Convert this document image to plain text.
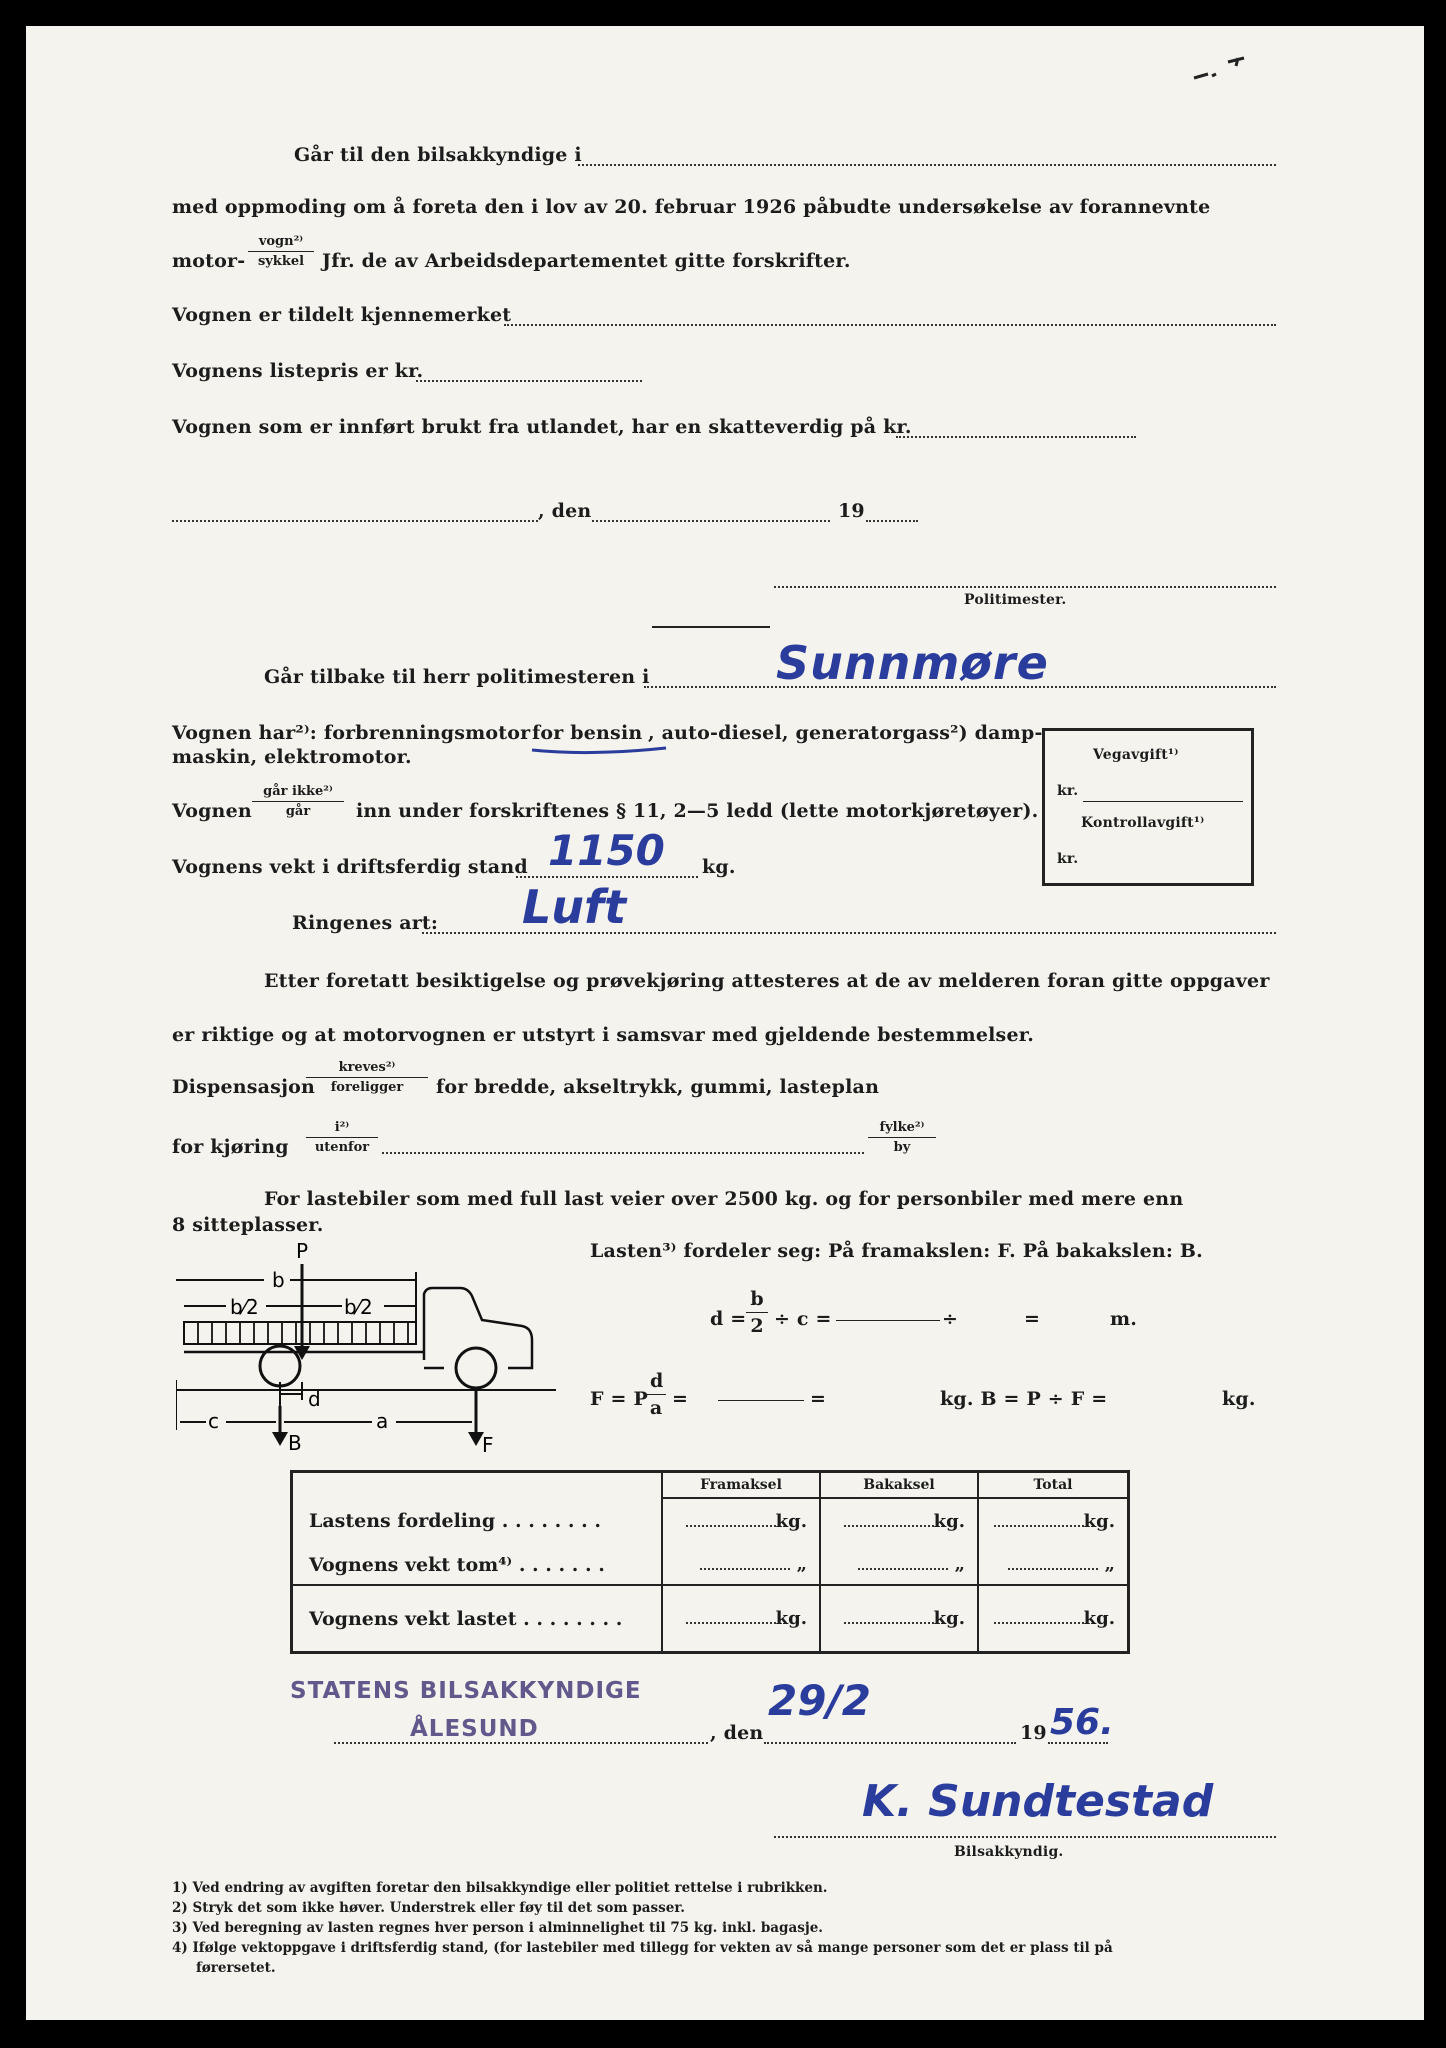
Går til den bilsakkyndige i
med oppmoding om å foreta den i lov av 20. februar 1926 påbudte undersøkelse av forannevnte
motor-
vogn²⁾
sykkel Jfr. de av Arbeidsdepartementet gitte forskrifter.
Vognen er tildelt kjennemerket
Vognens listepris er kr.
Vognen som er innført brukt fra utlandet, har en skatteverdig på kr.
, den	19
Politimester.
Går tilbake til herr politimesteren i	Sunnmøre
Vognen har²⁾: forbrenningsmotor for bensin , auto-diesel, generatorgass²) damp-
maskin, elektromotor.	Vegavgift¹⁾
kr.
Kontrollavgift¹⁾
kr.
Vognen
går ikke²⁾
går	inn under forskriftenes § 11, 2—5 ledd (lette motorkjøretøyer).
Vognens vekt i driftsferdig stand	kg.
1150
Ringenes art: Luft
Etter foretatt besiktigelse og prøvekjøring attesteres at de av melderen foran gitte oppgaver
er riktige og at motorvognen er utstyrt i samsvar med gjeldende bestemmelser.
Dispensasjon
kreves²⁾
foreligger	for bredde, akseltrykk, gummi, lasteplan
for kjøring
i²⁾
utenfor
fylke²⁾
by
For lastebiler som med full last veier over 2500 kg. og for personbiler med mere enn
8 sitteplasser.
P
b
b⁄2	b⁄2
d
c	a
B	F
Lasten³⁾ fordeler seg: På framakslen: F. På bakakslen: B.
$d = \frac{b}{2} \div c$ =	÷	=	m.
F = P
$\frac{d}{a}$ =	=	kg. B = P ÷ F =	kg.
	Framaksel	Bakaksel	Total
Lastens fordeling . . . . . . . .	kg.	kg.	kg.
Vognens vekt tom⁴⁾ . . . . . . .	„	„	„
Vognens vekt lastet . . . . . . . .	kg.	kg.	kg.
STATENS BILSAKKYNDIGE
ÅLESUND	, den
29/2
19 56.
K. Sundtestad
Bilsakkyndig.
1) Ved endring av avgiften foretar den bilsakkyndige eller politiet rettelse i rubrikken.
2) Stryk det som ikke høver. Understrek eller føy til det som passer.
3) Ved beregning av lasten regnes hver person i alminnelighet til 75 kg. inkl. bagasje.
4) Ifølge vektoppgave i driftsferdig stand, (for lastebiler med tillegg for vekten av så mange personer som det er plass til på
førersetet.
